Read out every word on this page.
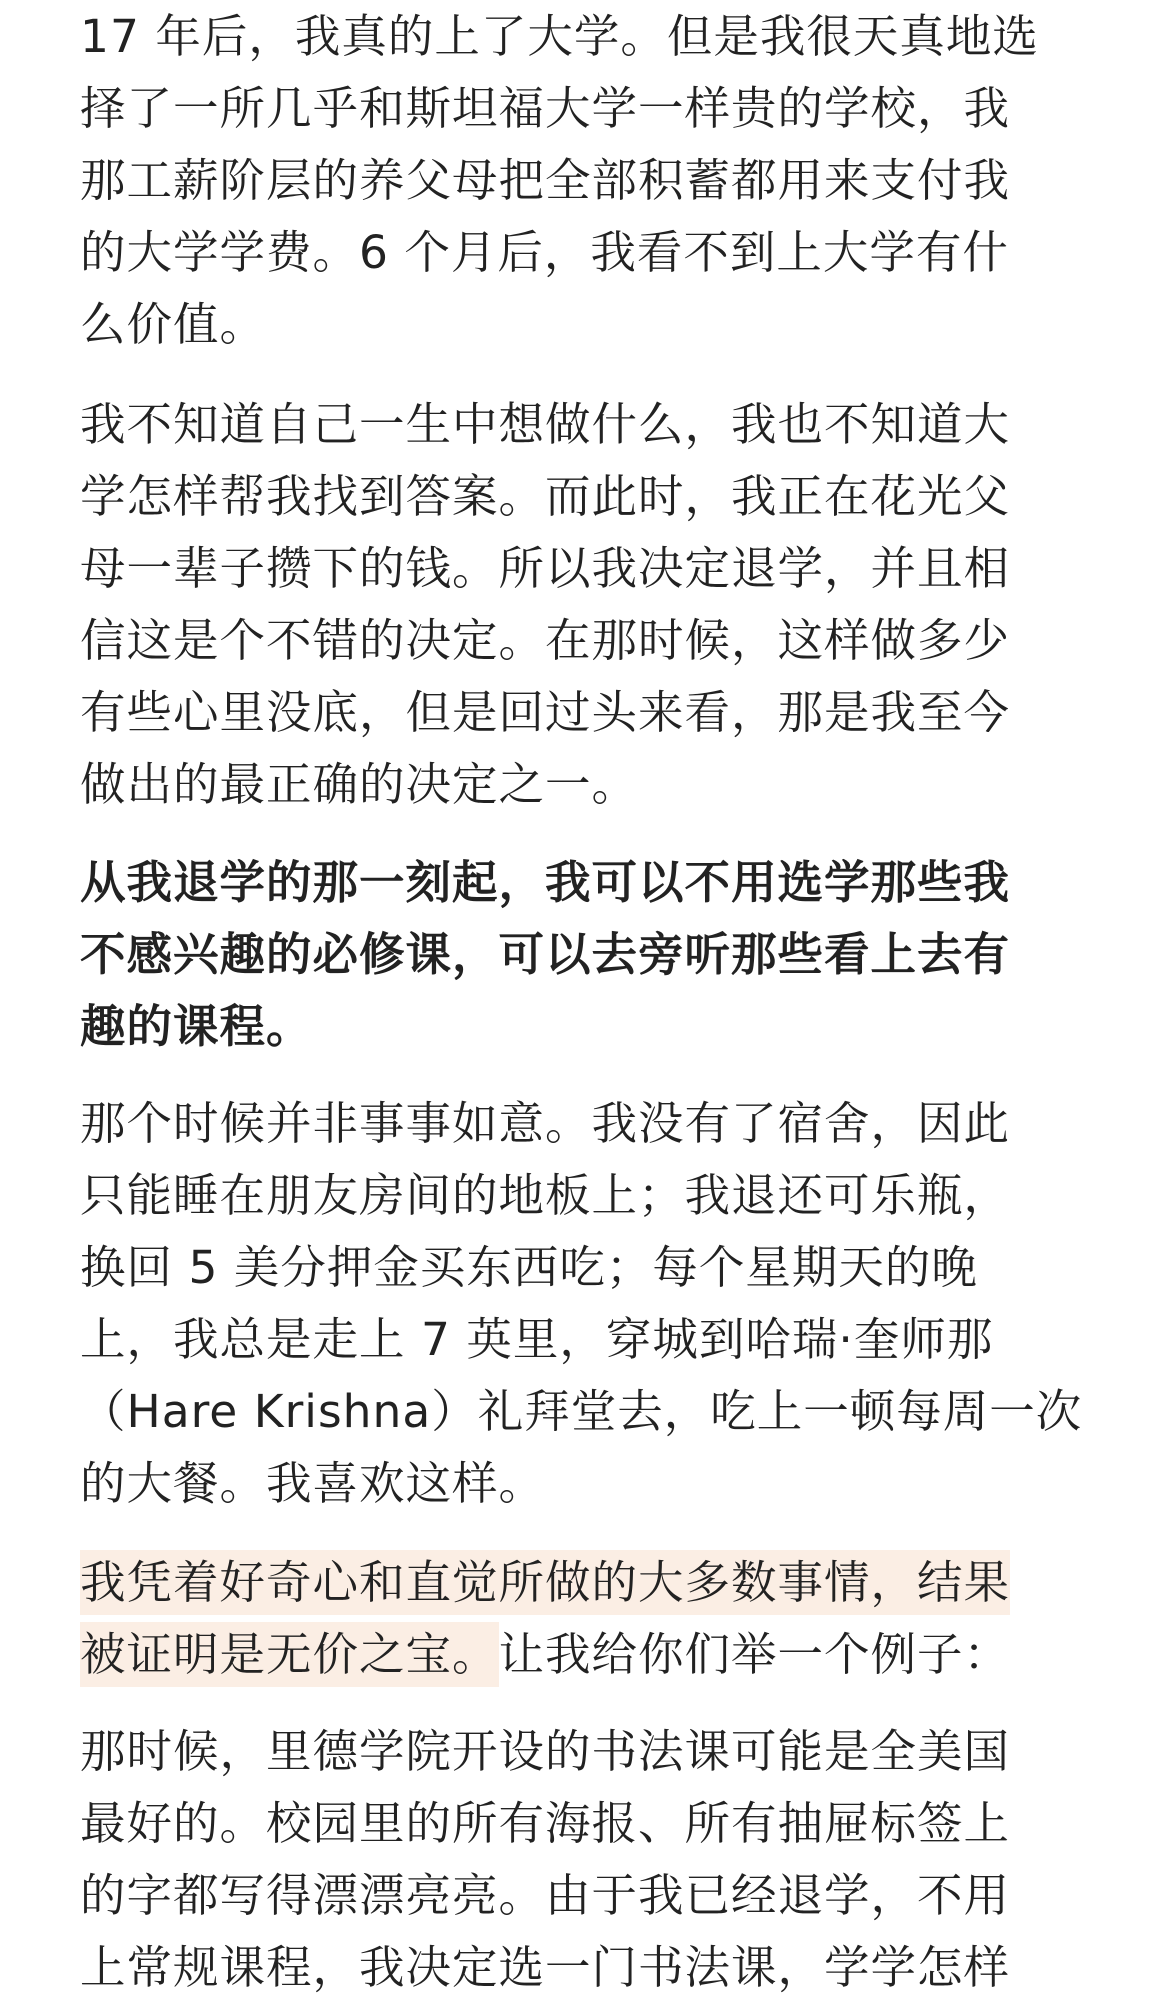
17 年后，我真的上了大学。但是我很天真地选
择了一所几乎和斯坦福大学一样贵的学校，我
那工薪阶层的养父母把全部积蓄都用来支付我
的大学学费。6 个月后，我看不到上大学有什
么价值。

我不知道自己一生中想做什么，我也不知道大
学怎样帮我找到答案。而此时，我正在花光父
母一辈子攒下的钱。所以我决定退学，并且相
信这是个不错的决定。在那时候，这样做多少
有些心里没底，但是回过头来看，那是我至今
做出的最正确的决定之一。

从我退学的那一刻起，我可以不用选学那些我
不感兴趣的必修课，可以去旁听那些看上去有
趣的课程。

那个时候并非事事如意。我没有了宿舍，因此
只能睡在朋友房间的地板上；我退还可乐瓶，
换回 5 美分押金买东西吃；每个星期天的晚
上，我总是走上 7 英里，穿城到哈瑞·奎师那
（Hare Krishna）礼拜堂去，吃上一顿每周一次
的大餐。我喜欢这样。

我凭着好奇心和直觉所做的大多数事情，结果
被证明是无价之宝。让我给你们举一个例子：

那时候，里德学院开设的书法课可能是全美国
最好的。校园里的所有海报、所有抽屉标签上
的字都写得漂漂亮亮。由于我已经退学，不用
上常规课程，我决定选一门书法课，学学怎样
